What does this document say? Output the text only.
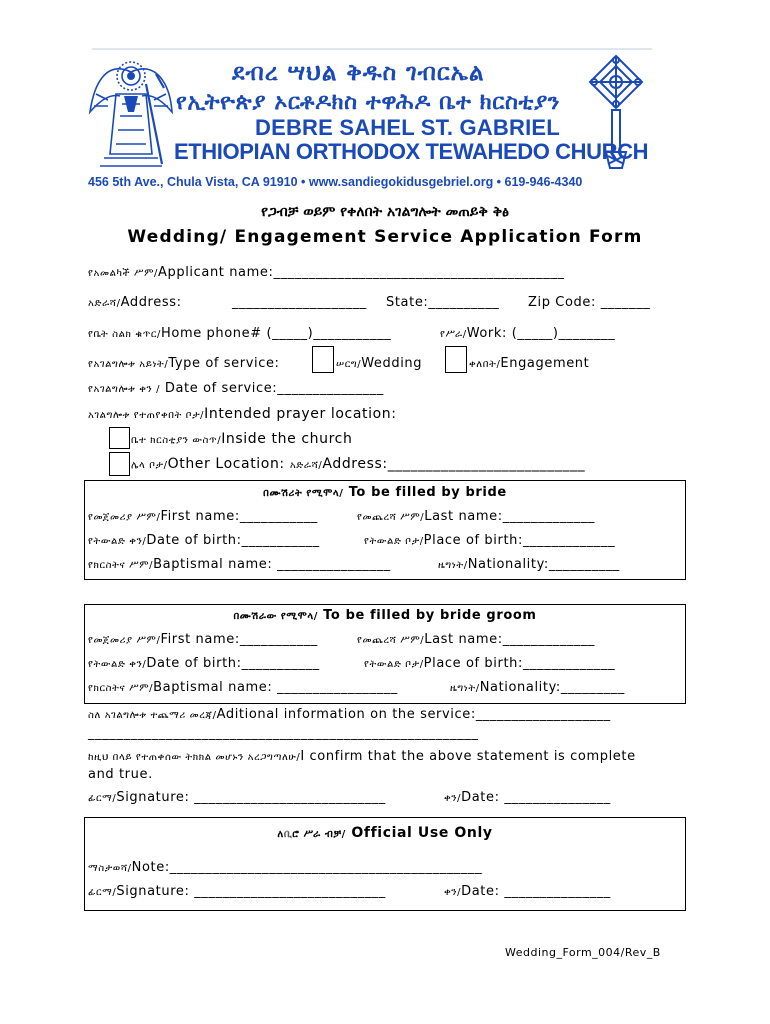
ደብረ ሣህል ቅዱስ ገብርኤል
የኢትዮጵያ ኦርቶዶክስ ተዋሕዶ ቤተ ክርስቲያን
DEBRE SAHEL ST. GABRIEL
ETHIOPIAN ORTHODOX TEWAHEDO CHURCH
456 5th Ave., Chula Vista, CA 91910 • www.sandiegokidusgebriel.org • 619-946-4340
የጋብቻ ወይም የቀለበት አገልግሎት መጠይቅ ቅፅ
Wedding/ Engagement Service Application Form
የአመልካች ሥም/Applicant name:_________________________________________
አድራሻ/Address:	___________________ State:__________ Zip Code: _______
የቤት ስልክ ቁጥር/Home phone# (_____)___________	የሥራ/Work: (_____)________
የአገልግሎቱ አይነት/Type of service:	ሠርግ/Wedding	ቀለበት/Engagement
የአገልግሎቱ ቀን / Date of service:_______________
አገልግሎቱ የተጠየቀበት ቦታ/Intended prayer location:
ቤተ ክርስቲያን ውስጥ/Inside the church
ሌላ ቦታ/Other Location: አድራሻ/Address:__________________________
በሙሽሪት የሚሞላ/ To be filled by bride
የመጀመሪያ ሥም/First name:___________	የመጨረሻ ሥም/Last name:_____________
የትውልድ ቀን/Date of birth:___________	የትውልድ ቦታ/Place of birth:_____________
የክርስትና ሥም/Baptismal name: ________________	ዜግነት/Nationality:__________
በሙሽራው የሚሞላ/ To be filled by bride groom
የመጀመሪያ ሥም/First name:___________	የመጨረሻ ሥም/Last name:_____________
የትውልድ ቀን/Date of birth:___________	የትውልድ ቦታ/Place of birth:_____________
የክርስትና ሥም/Baptismal name: _________________	ዜግነት/Nationality:_________
ስለ አገልግሎቱ ተጨማሪ መረጃ/Aditional information on the service:___________________
_______________________________________________________
ከዚህ በላይ የተጠቀሰው ትክክል መሆኑን አረጋግጣለሁ/I confirm that the above statement is complete
and true.
ፊርማ/Signature: ___________________________	ቀን/Date: _______________
ለቢሮ ሥራ ብቻ/ Official Use Only
ማስታወሻ/Note:____________________________________________
ፊርማ/Signature: ___________________________	ቀን/Date: _______________
Wedding_Form_004/Rev_B
